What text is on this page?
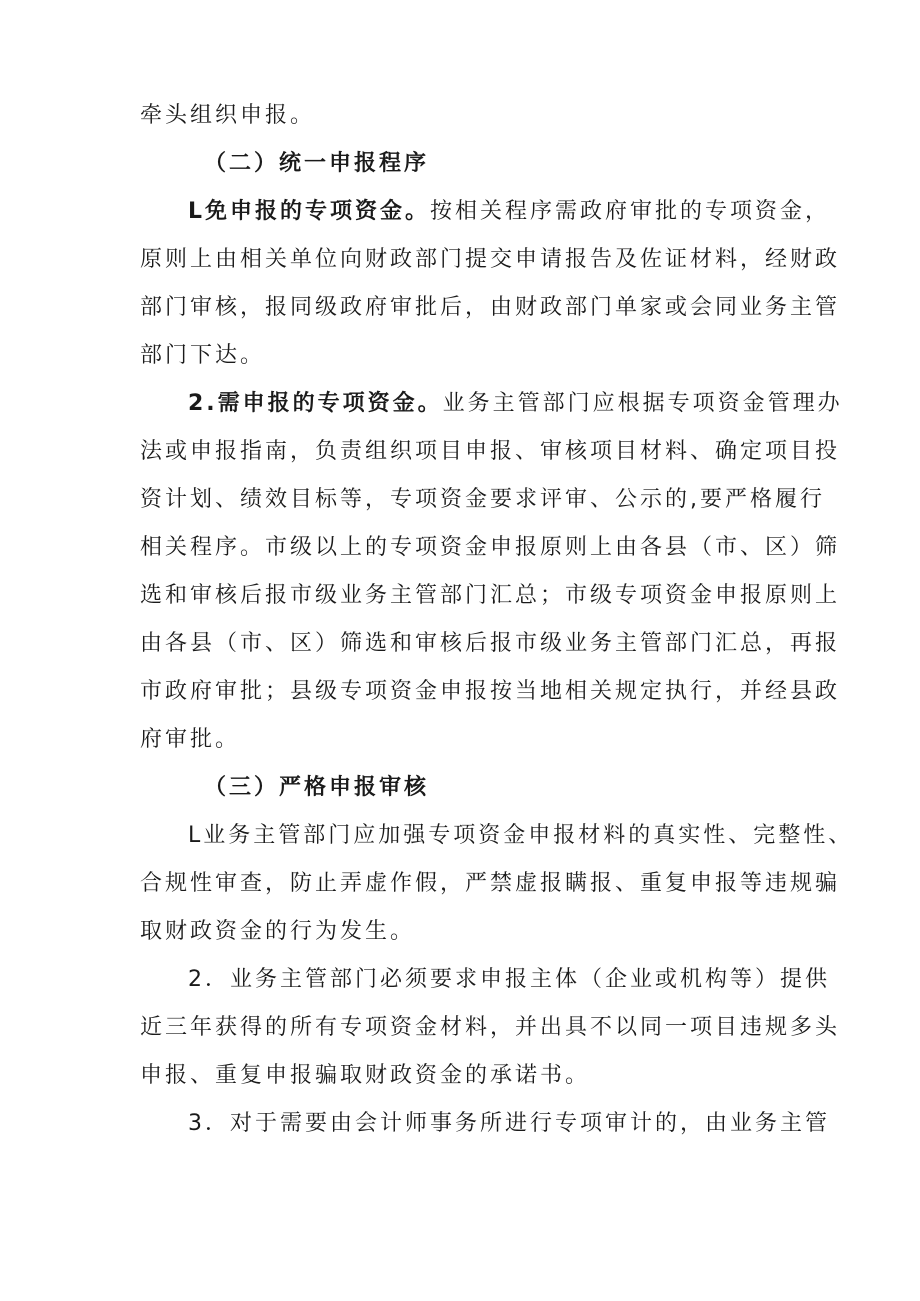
牵头组织申报。
（二）统一申报程序
L免申报的专项资金。按相关程序需政府审批的专项资金，
原则上由相关单位向财政部门提交申请报告及佐证材料，经财政
部门审核，报同级政府审批后，由财政部门单家或会同业务主管
部门下达。
2.需申报的专项资金。业务主管部门应根据专项资金管理办
法或申报指南，负责组织项目申报、审核项目材料、确定项目投
资计划、绩效目标等，专项资金要求评审、公示的,要严格履行
相关程序。市级以上的专项资金申报原则上由各县（市、区）筛
选和审核后报市级业务主管部门汇总；市级专项资金申报原则上
由各县（市、区）筛选和审核后报市级业务主管部门汇总，再报
市政府审批；县级专项资金申报按当地相关规定执行，并经县政
府审批。
（三）严格申报审核
L业务主管部门应加强专项资金申报材料的真实性、完整性、
合规性审查，防止弄虚作假，严禁虚报瞒报、重复申报等违规骗
取财政资金的行为发生。
2．业务主管部门必须要求申报主体（企业或机构等）提供
近三年获得的所有专项资金材料，并出具不以同一项目违规多头
申报、重复申报骗取财政资金的承诺书。
3．对于需要由会计师事务所进行专项审计的，由业务主管
